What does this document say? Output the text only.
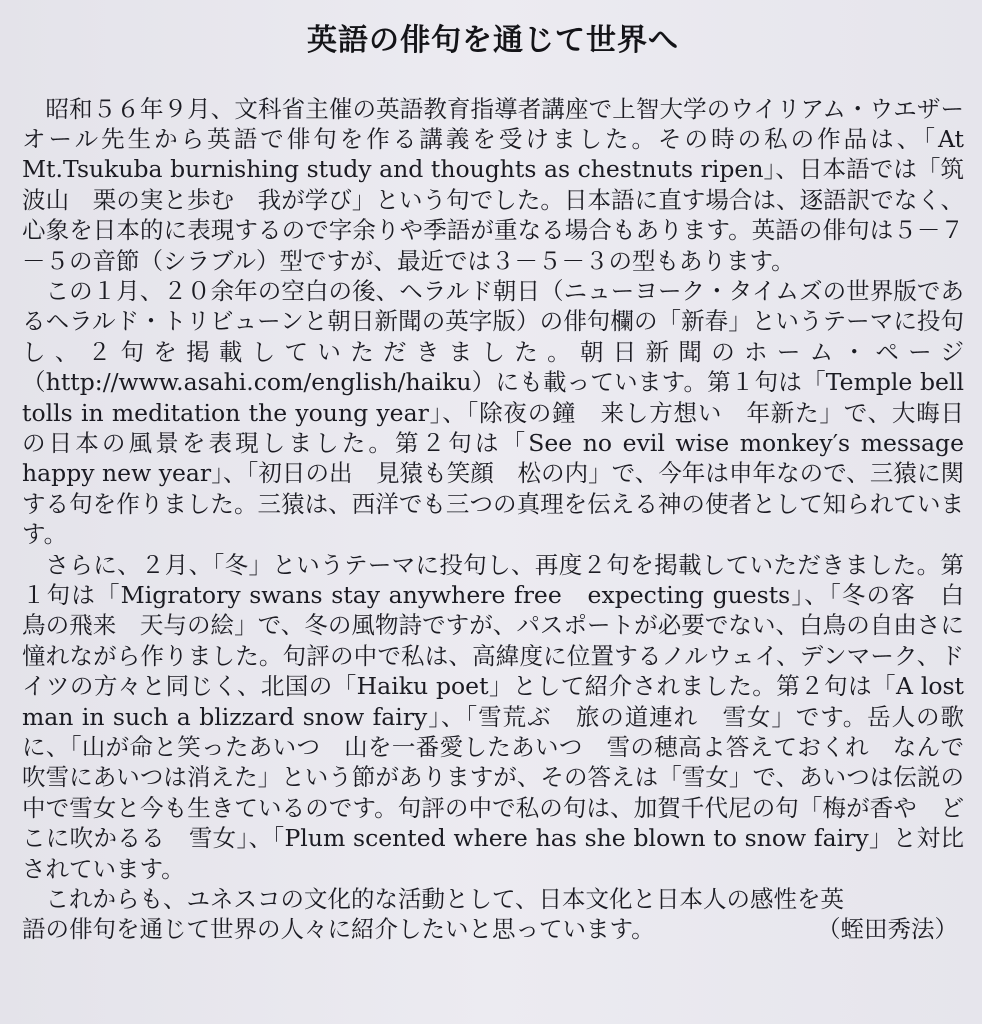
英語の俳句を通じて世界へ

昭和５６年９月、文科省主催の英語教育指導者講座で上智大学のウイリアム・ウエザーオール先生から英語で俳句を作る講義を受けました。その時の私の作品は、「At Mt.Tsukuba burnishing study and thoughts as chestnuts ripen」、日本語では「筑波山　栗の実と歩む　我が学び」という句でした。日本語に直す場合は、逐語訳でなく、心象を日本的に表現するので字余りや季語が重なる場合もあります。英語の俳句は５－７－５の音節（シラブル）型ですが、最近では３－５－３の型もあります。

この１月、２０余年の空白の後、ヘラルド朝日（ニューヨーク・タイムズの世界版であるヘラルド・トリビューンと朝日新聞の英字版）の俳句欄の「新春」というテーマに投句し、２句を掲載していただきました。朝日新聞のホーム・ページ（http://www.asahi.com/english/haiku）にも載っています。第１句は「Temple bell tolls in meditation the young year」、「除夜の鐘　来し方想い　年新た」で、大晦日の日本の風景を表現しました。第２句は「See no evil wise monkey′s message happy new year」、「初日の出　見猿も笑顔　松の内」で、今年は申年なので、三猿に関する句を作りました。三猿は、西洋でも三つの真理を伝える神の使者として知られています。

さらに、２月、「冬」というテーマに投句し、再度２句を掲載していただきました。第１句は「Migratory swans stay anywhere free　expecting guests」、「冬の客　白鳥の飛来　天与の絵」で、冬の風物詩ですが、パスポートが必要でない、白鳥の自由さに憧れながら作りました。句評の中で私は、高緯度に位置するノルウェイ、デンマーク、ドイツの方々と同じく、北国の「Haiku poet」として紹介されました。第２句は「A lost man in such a blizzard snow fairy」、「雪荒ぶ　旅の道連れ　雪女」です。岳人の歌に、「山が命と笑ったあいつ　山を一番愛したあいつ　雪の穂高よ答えておくれ　なんで吹雪にあいつは消えた」という節がありますが、その答えは「雪女」で、あいつは伝説の中で雪女と今も生きているのです。句評の中で私の句は、加賀千代尼の句「梅が香や　どこに吹かるる　雪女」、「Plum scented where has she blown to snow fairy」と対比されています。

これからも、ユネスコの文化的な活動として、日本文化と日本人の感性を英

語の俳句を通じて世界の人々に紹介したいと思っています。	（蛭田秀法）
